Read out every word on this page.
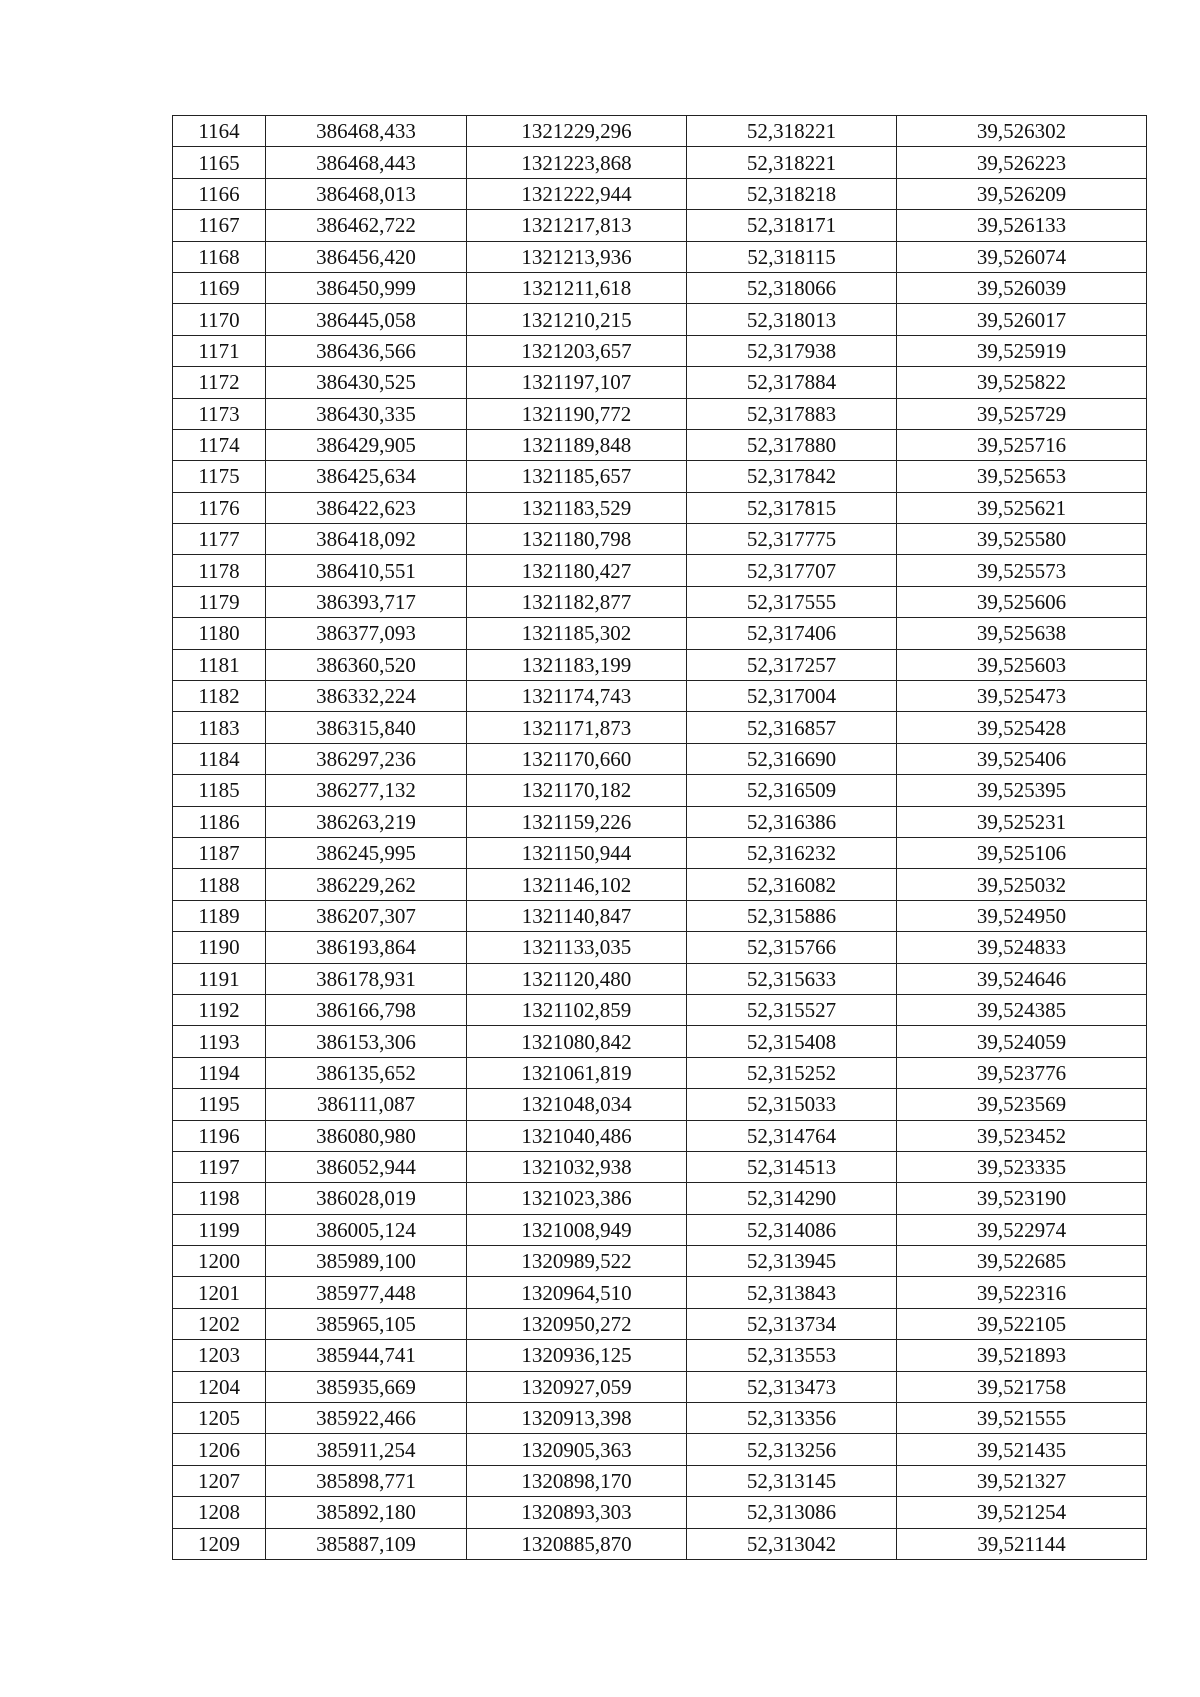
1164	386468,433	1321229,296	52,318221	39,526302
1165	386468,443	1321223,868	52,318221	39,526223
1166	386468,013	1321222,944	52,318218	39,526209
1167	386462,722	1321217,813	52,318171	39,526133
1168	386456,420	1321213,936	52,318115	39,526074
1169	386450,999	1321211,618	52,318066	39,526039
1170	386445,058	1321210,215	52,318013	39,526017
1171	386436,566	1321203,657	52,317938	39,525919
1172	386430,525	1321197,107	52,317884	39,525822
1173	386430,335	1321190,772	52,317883	39,525729
1174	386429,905	1321189,848	52,317880	39,525716
1175	386425,634	1321185,657	52,317842	39,525653
1176	386422,623	1321183,529	52,317815	39,525621
1177	386418,092	1321180,798	52,317775	39,525580
1178	386410,551	1321180,427	52,317707	39,525573
1179	386393,717	1321182,877	52,317555	39,525606
1180	386377,093	1321185,302	52,317406	39,525638
1181	386360,520	1321183,199	52,317257	39,525603
1182	386332,224	1321174,743	52,317004	39,525473
1183	386315,840	1321171,873	52,316857	39,525428
1184	386297,236	1321170,660	52,316690	39,525406
1185	386277,132	1321170,182	52,316509	39,525395
1186	386263,219	1321159,226	52,316386	39,525231
1187	386245,995	1321150,944	52,316232	39,525106
1188	386229,262	1321146,102	52,316082	39,525032
1189	386207,307	1321140,847	52,315886	39,524950
1190	386193,864	1321133,035	52,315766	39,524833
1191	386178,931	1321120,480	52,315633	39,524646
1192	386166,798	1321102,859	52,315527	39,524385
1193	386153,306	1321080,842	52,315408	39,524059
1194	386135,652	1321061,819	52,315252	39,523776
1195	386111,087	1321048,034	52,315033	39,523569
1196	386080,980	1321040,486	52,314764	39,523452
1197	386052,944	1321032,938	52,314513	39,523335
1198	386028,019	1321023,386	52,314290	39,523190
1199	386005,124	1321008,949	52,314086	39,522974
1200	385989,100	1320989,522	52,313945	39,522685
1201	385977,448	1320964,510	52,313843	39,522316
1202	385965,105	1320950,272	52,313734	39,522105
1203	385944,741	1320936,125	52,313553	39,521893
1204	385935,669	1320927,059	52,313473	39,521758
1205	385922,466	1320913,398	52,313356	39,521555
1206	385911,254	1320905,363	52,313256	39,521435
1207	385898,771	1320898,170	52,313145	39,521327
1208	385892,180	1320893,303	52,313086	39,521254
1209	385887,109	1320885,870	52,313042	39,521144
